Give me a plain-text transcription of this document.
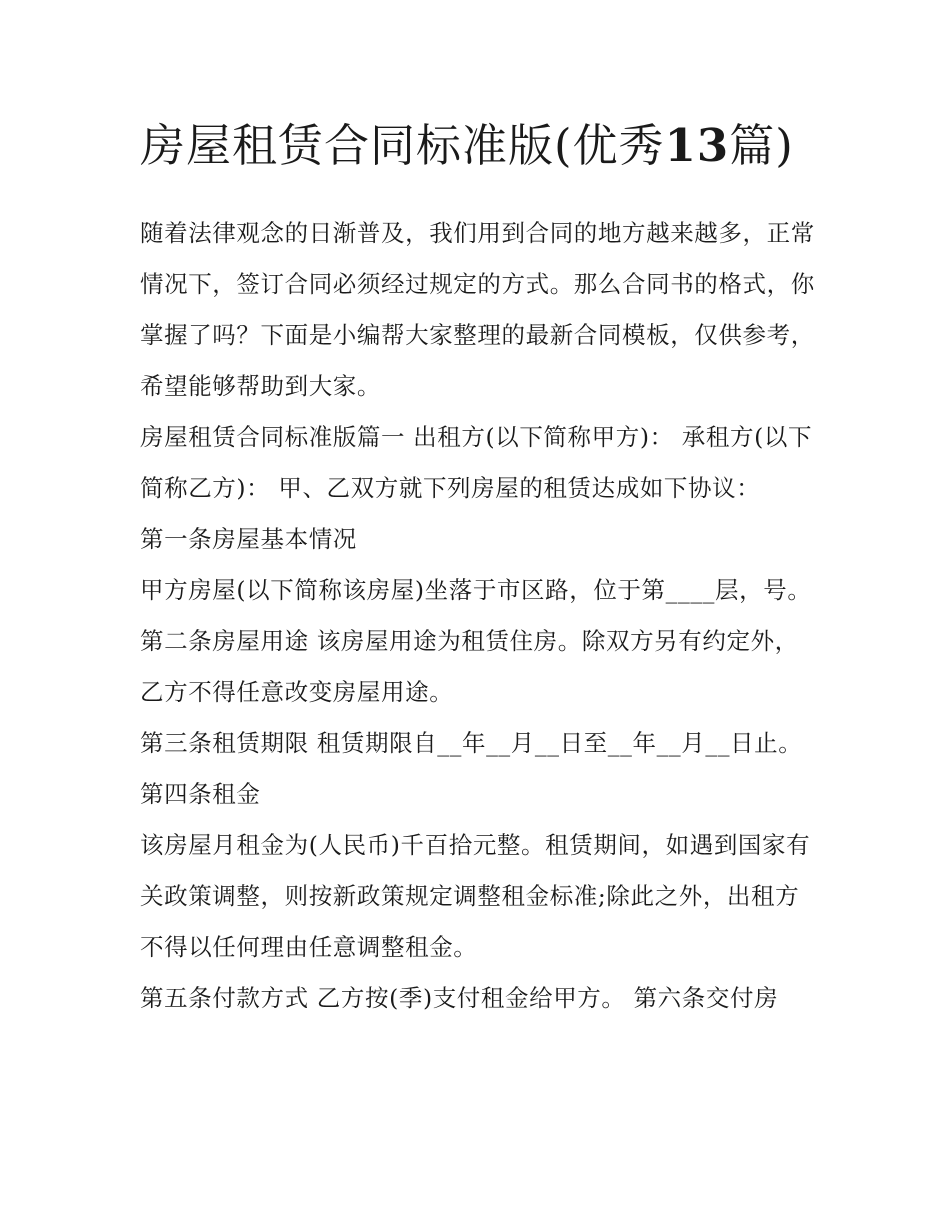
房屋租赁合同标准版(优秀13篇)

随着法律观念的日渐普及，我们用到合同的地方越来越多，正常情况下，签订合同必须经过规定的方式。那么合同书的格式，你掌握了吗？下面是小编帮大家整理的最新合同模板，仅供参考，希望能够帮助到大家。

房屋租赁合同标准版篇一 出租方(以下简称甲方)： 承租方(以下简称乙方)： 甲、乙双方就下列房屋的租赁达成如下协议：

第一条房屋基本情况

甲方房屋(以下简称该房屋)坐落于市区路，位于第____层，号。 第二条房屋用途 该房屋用途为租赁住房。除双方另有约定外，乙方不得任意改变房屋用途。

第三条租赁期限 租赁期限自__年__月__日至__年__月__日止。 第四条租金

该房屋月租金为(人民币)千百拾元整。租赁期间，如遇到国家有关政策调整，则按新政策规定调整租金标准;除此之外，出租方不得以任何理由任意调整租金。

第五条付款方式 乙方按(季)支付租金给甲方。 第六条交付房
